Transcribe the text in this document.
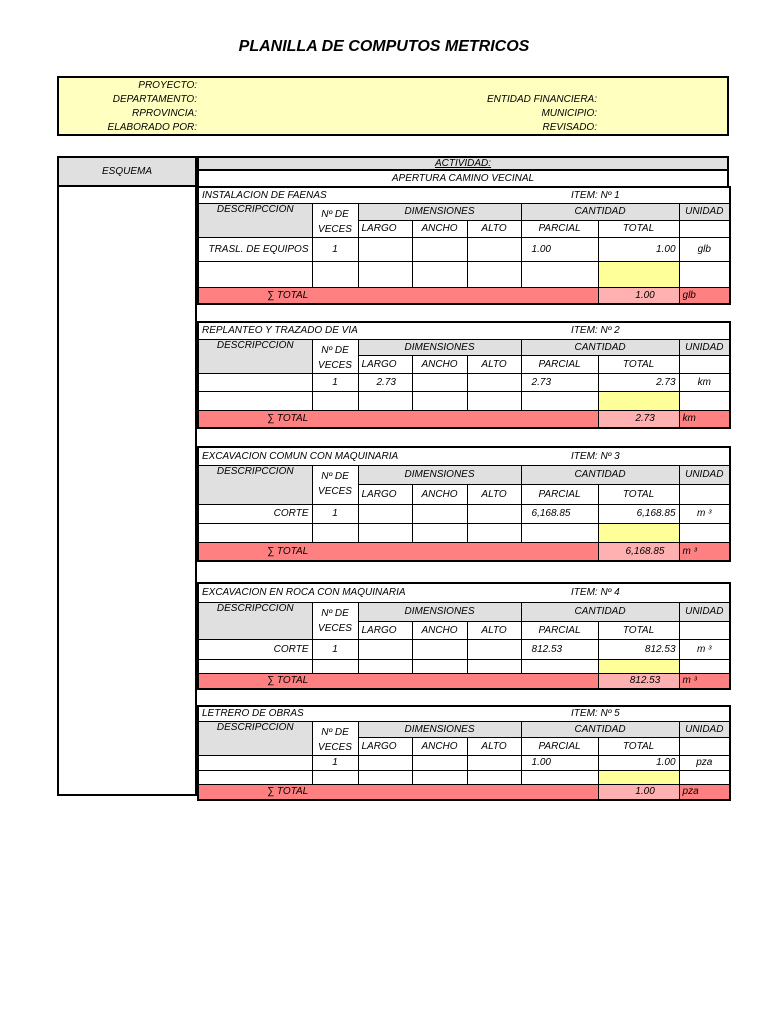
PLANILLA DE COMPUTOS METRICOS
PROYECTO:
DEPARTAMENTO:	ENTIDAD FINANCIERA:
RPROVINCIA:	MUNICIPIO:
ELABORADO POR:	REVISADO:
ESQUEMA
ACTIVIDAD:
APERTURA CAMINO VECINAL
INSTALACION DE FAENAS					ITEM: Nº 1		
DESCRIPCCIÓN	Nº DE
VECES	DIMENSIONES			CANTIDAD		UNIDAD
		LARGO	ANCHO	ALTO	PARCIAL	TOTAL	
TRASL. DE EQUIPOS	1				1.00	1.00	glb

∑ TOTAL						1.00	glb
REPLANTEO Y TRAZADO DE VIA					ITEM: Nº 2		
DESCRIPCCIÓN	Nº DE
VECES	DIMENSIONES			CANTIDAD		UNIDAD
		LARGO	ANCHO	ALTO	PARCIAL	TOTAL	
	1	2.73			2.73	2.73	km

∑ TOTAL						2.73	km
EXCAVACION COMUN CON MAQUINARIA					ITEM: Nº 3		
DESCRIPCCIÓN	Nº DE
VECES	DIMENSIONES			CANTIDAD		UNIDAD
		LARGO	ANCHO	ALTO	PARCIAL	TOTAL	
CORTE	1				6,168.85	6,168.85	m ³

∑ TOTAL						6,168.85	m ³
EXCAVACION EN ROCA CON MAQUINARIA					ITEM: Nº 4		
DESCRIPCCIÓN	Nº DE
VECES	DIMENSIONES			CANTIDAD		UNIDAD
		LARGO	ANCHO	ALTO	PARCIAL	TOTAL	
CORTE	1				812.53	812.53	m ³

∑ TOTAL						812.53	m ³
LETRERO DE OBRAS					ITEM: Nº 5		
DESCRIPCCIÓN	Nº DE
VECES	DIMENSIONES			CANTIDAD		UNIDAD
		LARGO	ANCHO	ALTO	PARCIAL	TOTAL	
	1				1.00	1.00	pza

∑ TOTAL						1.00	pza
